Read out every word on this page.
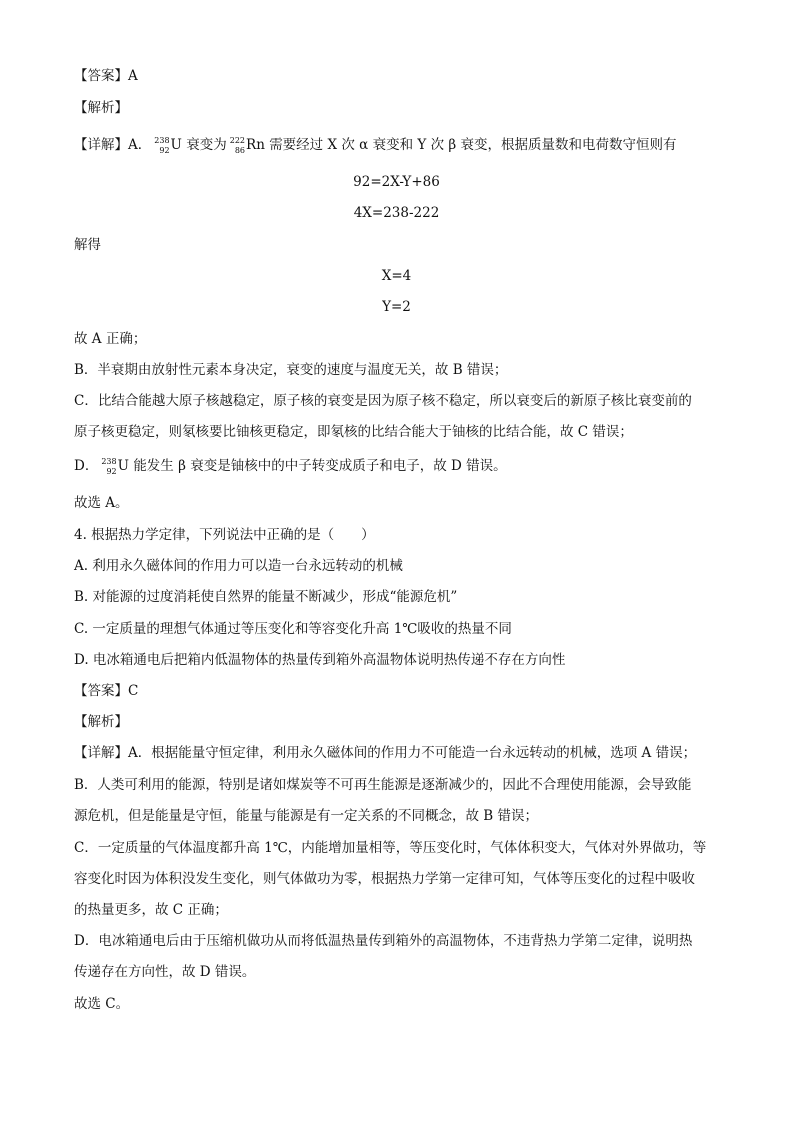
【答案】A
【解析】
【详解】A． 238
92 U 衰变为
222
86 Rn 需要经过 X 次 α 衰变和 Y 次 β 衰变，根据质量数和电荷数守恒则有
92=2X-Y+86
4X=238-222
解得
X=4
Y=2
故 A 正确；
B．半衰期由放射性元素本身决定，衰变的速度与温度无关，故 B 错误；
C．比结合能越大原子核越稳定，原子核的衰变是因为原子核不稳定，所以衰变后的新原子核比衰变前的
原子核更稳定，则氡核要比铀核更稳定，即氡核的比结合能大于铀核的比结合能，故 C 错误；
D． 238
92 U 能发生 β 衰变是铀核中的中子转变成质子和电子，故 D 错误。
故选 A。
4. 根据热力学定律，下列说法中正确的是（　　）
A. 利用永久磁体间的作用力可以造一台永远转动的机械
B. 对能源的过度消耗使自然界的能量不断减少，形成“能源危机”
C. 一定质量的理想气体通过等压变化和等容变化升高 1℃吸收的热量不同
D. 电冰箱通电后把箱内低温物体的热量传到箱外高温物体说明热传递不存在方向性
【答案】C
【解析】
【详解】A．根据能量守恒定律，利用永久磁体间的作用力不可能造一台永远转动的机械，选项 A 错误；
B．人类可利用的能源，特别是诸如煤炭等不可再生能源是逐渐减少的，因此不合理使用能源，会导致能
源危机，但是能量是守恒，能量与能源是有一定关系的不同概念，故 B 错误；
C．一定质量的气体温度都升高 1℃，内能增加量相等，等压变化时，气体体积变大，气体对外界做功，等
容变化时因为体积没发生变化，则气体做功为零，根据热力学第一定律可知，气体等压变化的过程中吸收
的热量更多，故 C 正确；
D．电冰箱通电后由于压缩机做功从而将低温热量传到箱外的高温物体，不违背热力学第二定律，说明热
传递存在方向性，故 D 错误。
故选 C。
